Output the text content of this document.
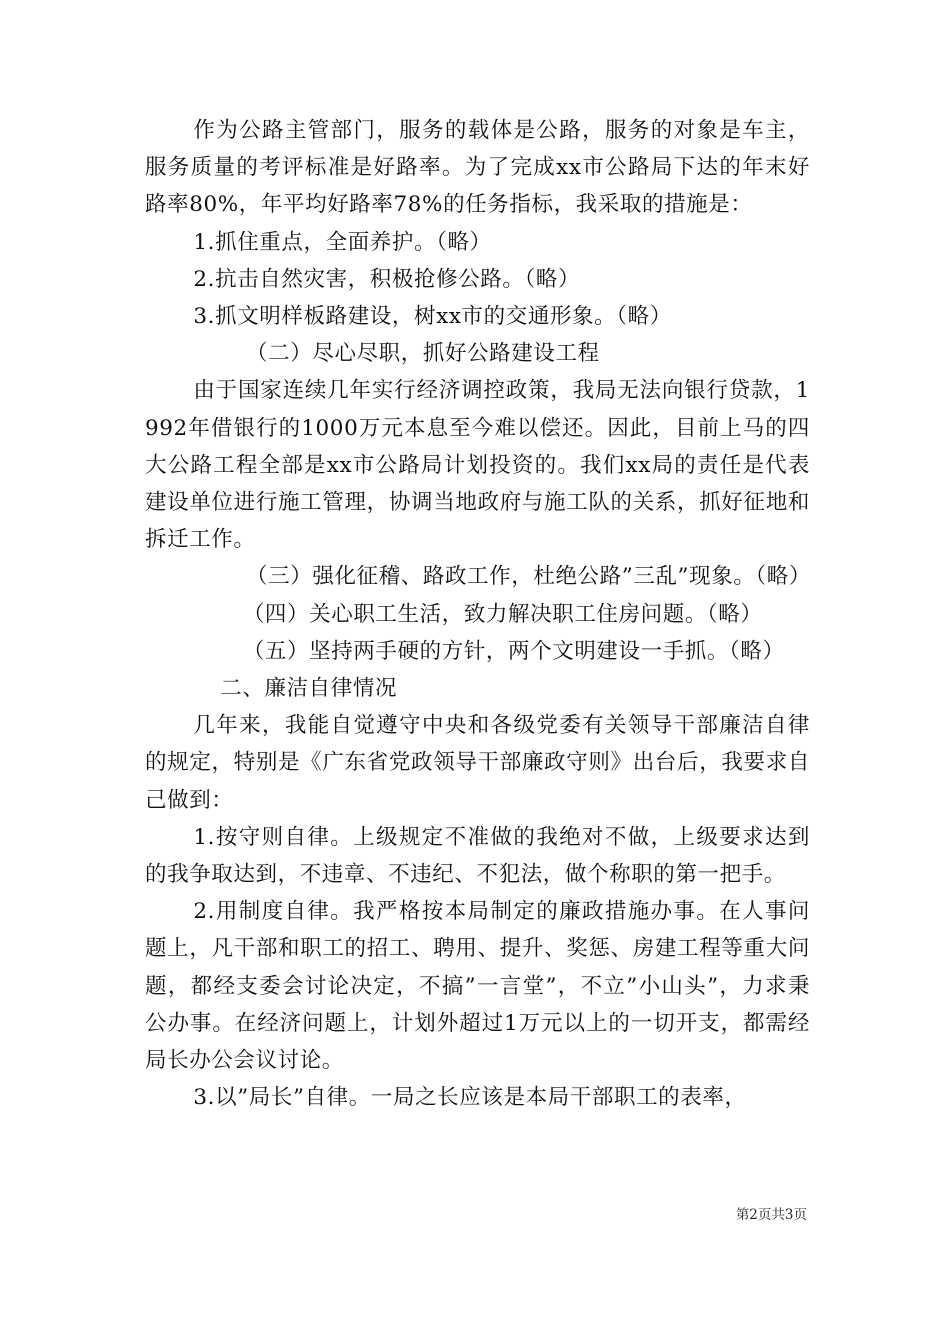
作为公路主管部门，服务的载体是公路，服务的对象是车主，服务质量的考评标准是好路率。为了完成xx市公路局下达的年末好路率80%，年平均好路率78%的任务指标，我采取的措施是：

1.抓住重点，全面养护。（略）

2.抗击自然灾害，积极抢修公路。（略）

3.抓文明样板路建设，树xx市的交通形象。（略）

（二）尽心尽职，抓好公路建设工程

由于国家连续几年实行经济调控政策，我局无法向银行贷款，1992年借银行的1000万元本息至今难以偿还。因此，目前上马的四大公路工程全部是xx市公路局计划投资的。我们xx局的责任是代表建设单位进行施工管理，协调当地政府与施工队的关系，抓好征地和拆迁工作。

（三）强化征稽、路政工作，杜绝公路”三乱”现象。（略）

（四）关心职工生活，致力解决职工住房问题。（略）

（五）坚持两手硬的方针，两个文明建设一手抓。（略）

二、廉洁自律情况

几年来，我能自觉遵守中央和各级党委有关领导干部廉洁自律的规定，特别是《广东省党政领导干部廉政守则》出台后，我要求自己做到：

1.按守则自律。上级规定不准做的我绝对不做，上级要求达到的我争取达到，不违章、不违纪、不犯法，做个称职的第一把手。

2.用制度自律。我严格按本局制定的廉政措施办事。在人事问题上，凡干部和职工的招工、聘用、提升、奖惩、房建工程等重大问题，都经支委会讨论决定，不搞”一言堂”，不立”小山头”，力求秉公办事。在经济问题上，计划外超过1万元以上的一切开支，都需经局长办公会议讨论。

3.以”局长”自律。一局之长应该是本局干部职工的表率，

第2页共3页
